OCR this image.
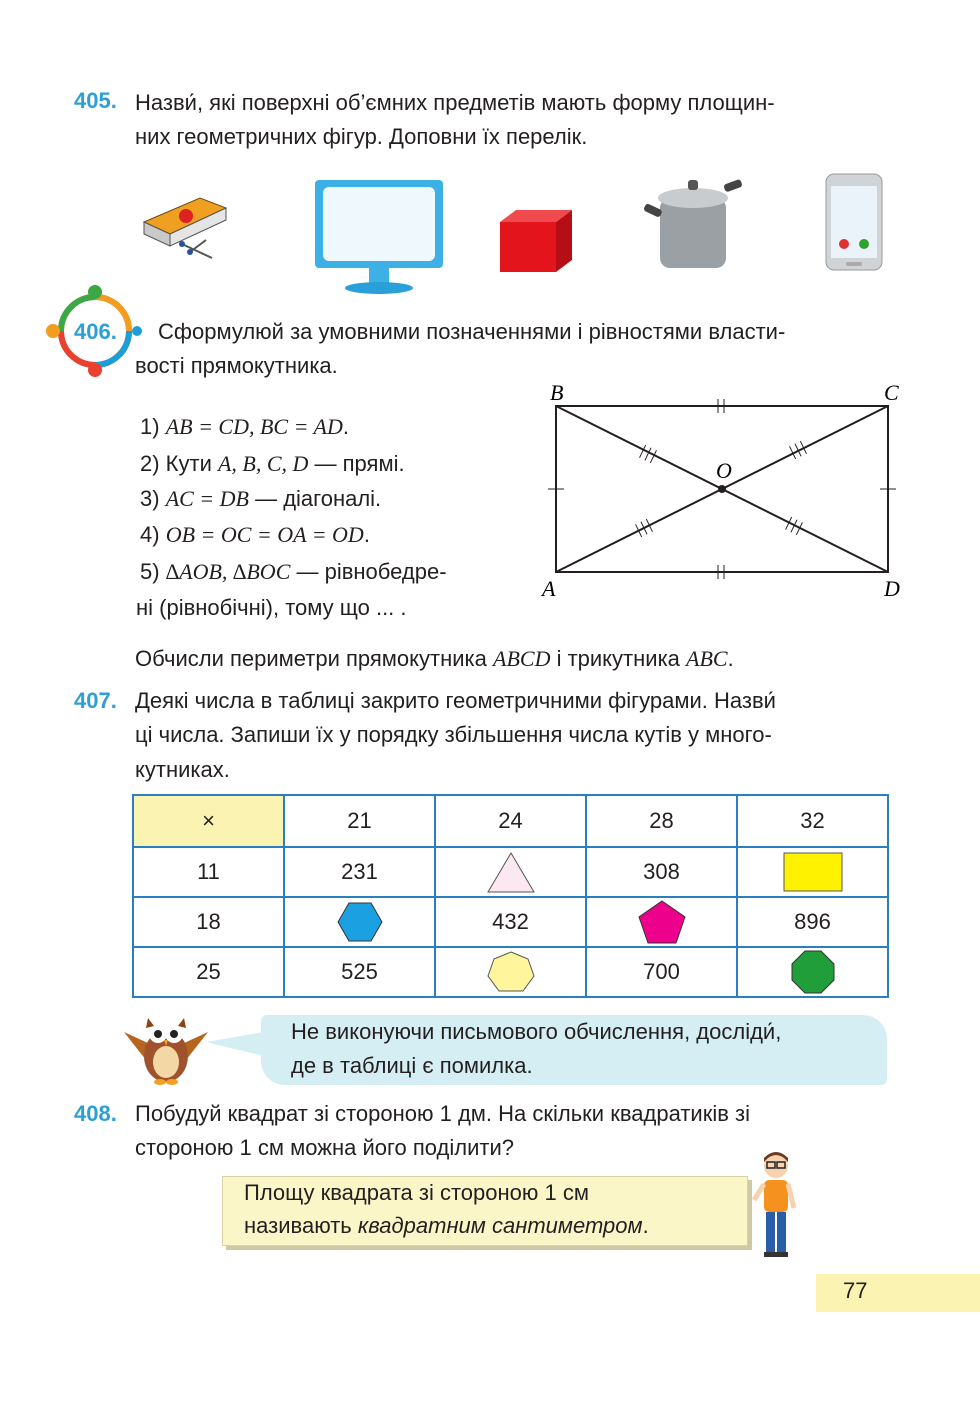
405. Назви́, які поверхні об’ємних предметів мають форму площин-
них геометричних фігур. Доповни їх перелік.
406. Сформулюй за умовними позначеннями і рівностями власти-
вості прямокутника.
1) AB = CD, BC = AD.
2) Кути A, B, C, D — прямі.
3) AC = DB — діагоналі.
4) OB = OC = OA = OD.
5) ∆AOB, ∆BOC — рівнобедре-
ні (рівнобічні), тому що ... .
B	C
A	D
O
Обчисли периметри прямокутника ABCD і трикутника ABC.
407. Деякі числа в таблиці закрито геометричними фігурами. Назви́
ці числа. Запиши їх у порядку збільшення числа кутів у много-
кутниках.
×	21	24	28	32
11	231		308	
18		432		896
25	525		700	
Не виконуючи письмового обчислення, дослiди́,
де в таблиці є помилка.
408. Побудуй квадрат зі стороною 1 дм. На скільки квадратиків зі
стороною 1 см можна його поділити?
Площу квадрата зі стороною 1 см
називають квадратним сантиметром.
77
